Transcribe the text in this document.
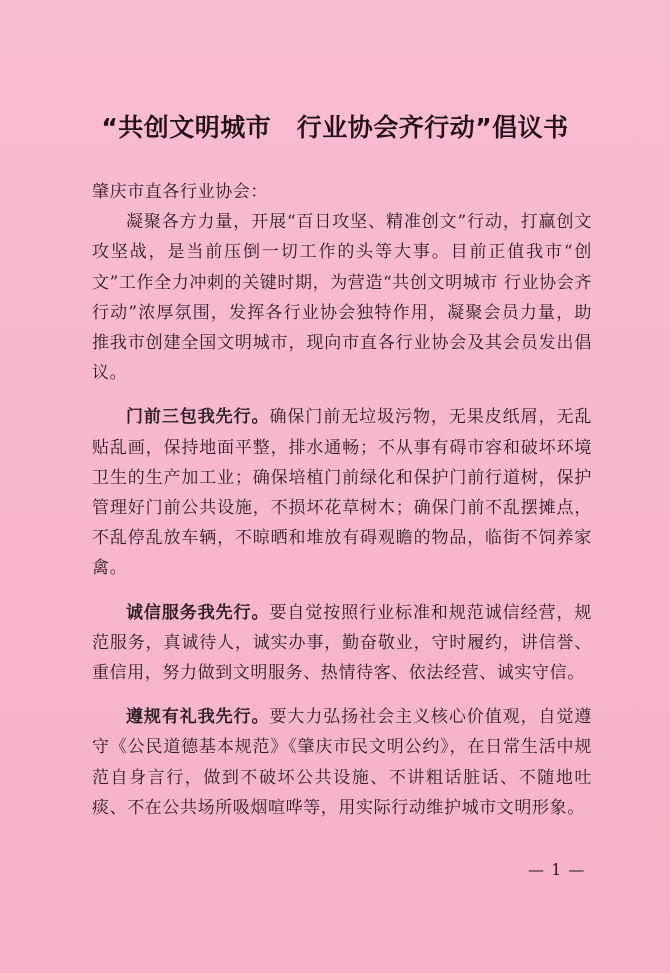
“共创文明城市　行业协会齐行动”倡议书

肇庆市直各行业协会：

凝聚各方力量，开展“百日攻坚、精准创文”行动，打赢创文攻坚战，是当前压倒一切工作的头等大事。目前正值我市“创文”工作全力冲刺的关键时期，为营造“共创文明城市 行业协会齐行动”浓厚氛围，发挥各行业协会独特作用，凝聚会员力量，助推我市创建全国文明城市，现向市直各行业协会及其会员发出倡议。

门前三包我先行。确保门前无垃圾污物，无果皮纸屑，无乱贴乱画，保持地面平整，排水通畅；不从事有碍市容和破坏环境卫生的生产加工业；确保培植门前绿化和保护门前行道树，保护管理好门前公共设施，不损坏花草树木；确保门前不乱摆摊点，不乱停乱放车辆，不晾晒和堆放有碍观瞻的物品，临街不饲养家禽。

诚信服务我先行。要自觉按照行业标准和规范诚信经营，规范服务，真诚待人，诚实办事，勤奋敬业，守时履约，讲信誉、重信用，努力做到文明服务、热情待客、依法经营、诚实守信。

遵规有礼我先行。要大力弘扬社会主义核心价值观，自觉遵守《公民道德基本规范》《肇庆市民文明公约》，在日常生活中规范自身言行，做到不破坏公共设施、不讲粗话脏话、不随地吐痰、不在公共场所吸烟喧哗等，用实际行动维护城市文明形象。

— 1 —
